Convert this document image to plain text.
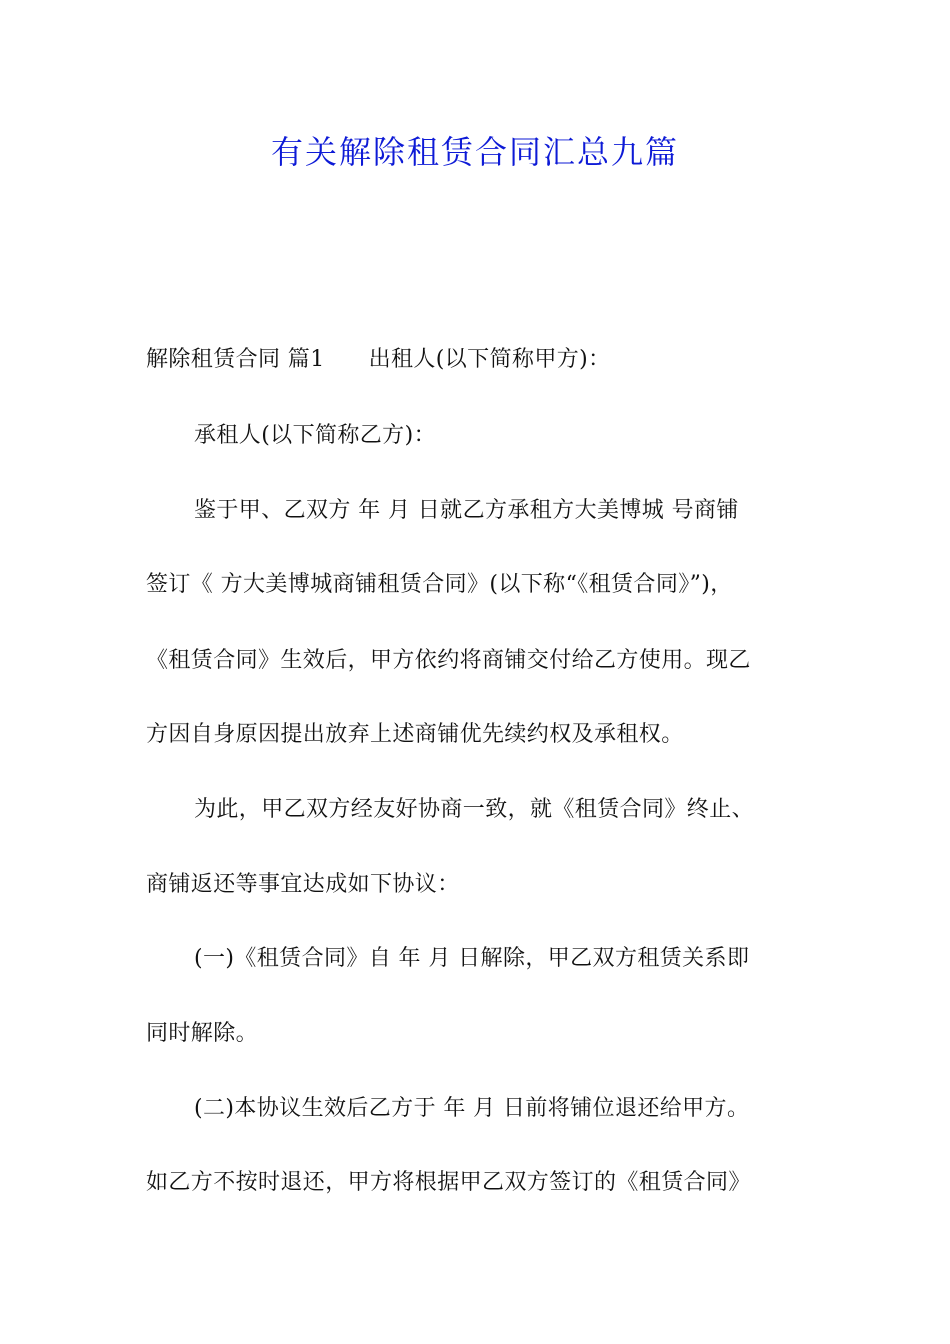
有关解除租赁合同汇总九篇
解除租赁合同 篇1 出租人(以下简称甲方)：
承租人(以下简称乙方)：
鉴于甲、乙双方 年 月 日就乙方承租方大美博城 号商铺
签订《 方大美博城商铺租赁合同》(以下称“《租赁合同》”)，
《租赁合同》生效后，甲方依约将商铺交付给乙方使用。现乙
方因自身原因提出放弃上述商铺优先续约权及承租权。
为此，甲乙双方经友好协商一致，就《租赁合同》终止、
商铺返还等事宜达成如下协议：
(一)《租赁合同》自 年 月 日解除，甲乙双方租赁关系即
同时解除。
(二)本协议生效后乙方于 年 月 日前将铺位退还给甲方。
如乙方不按时退还，甲方将根据甲乙双方签订的《租赁合同》
